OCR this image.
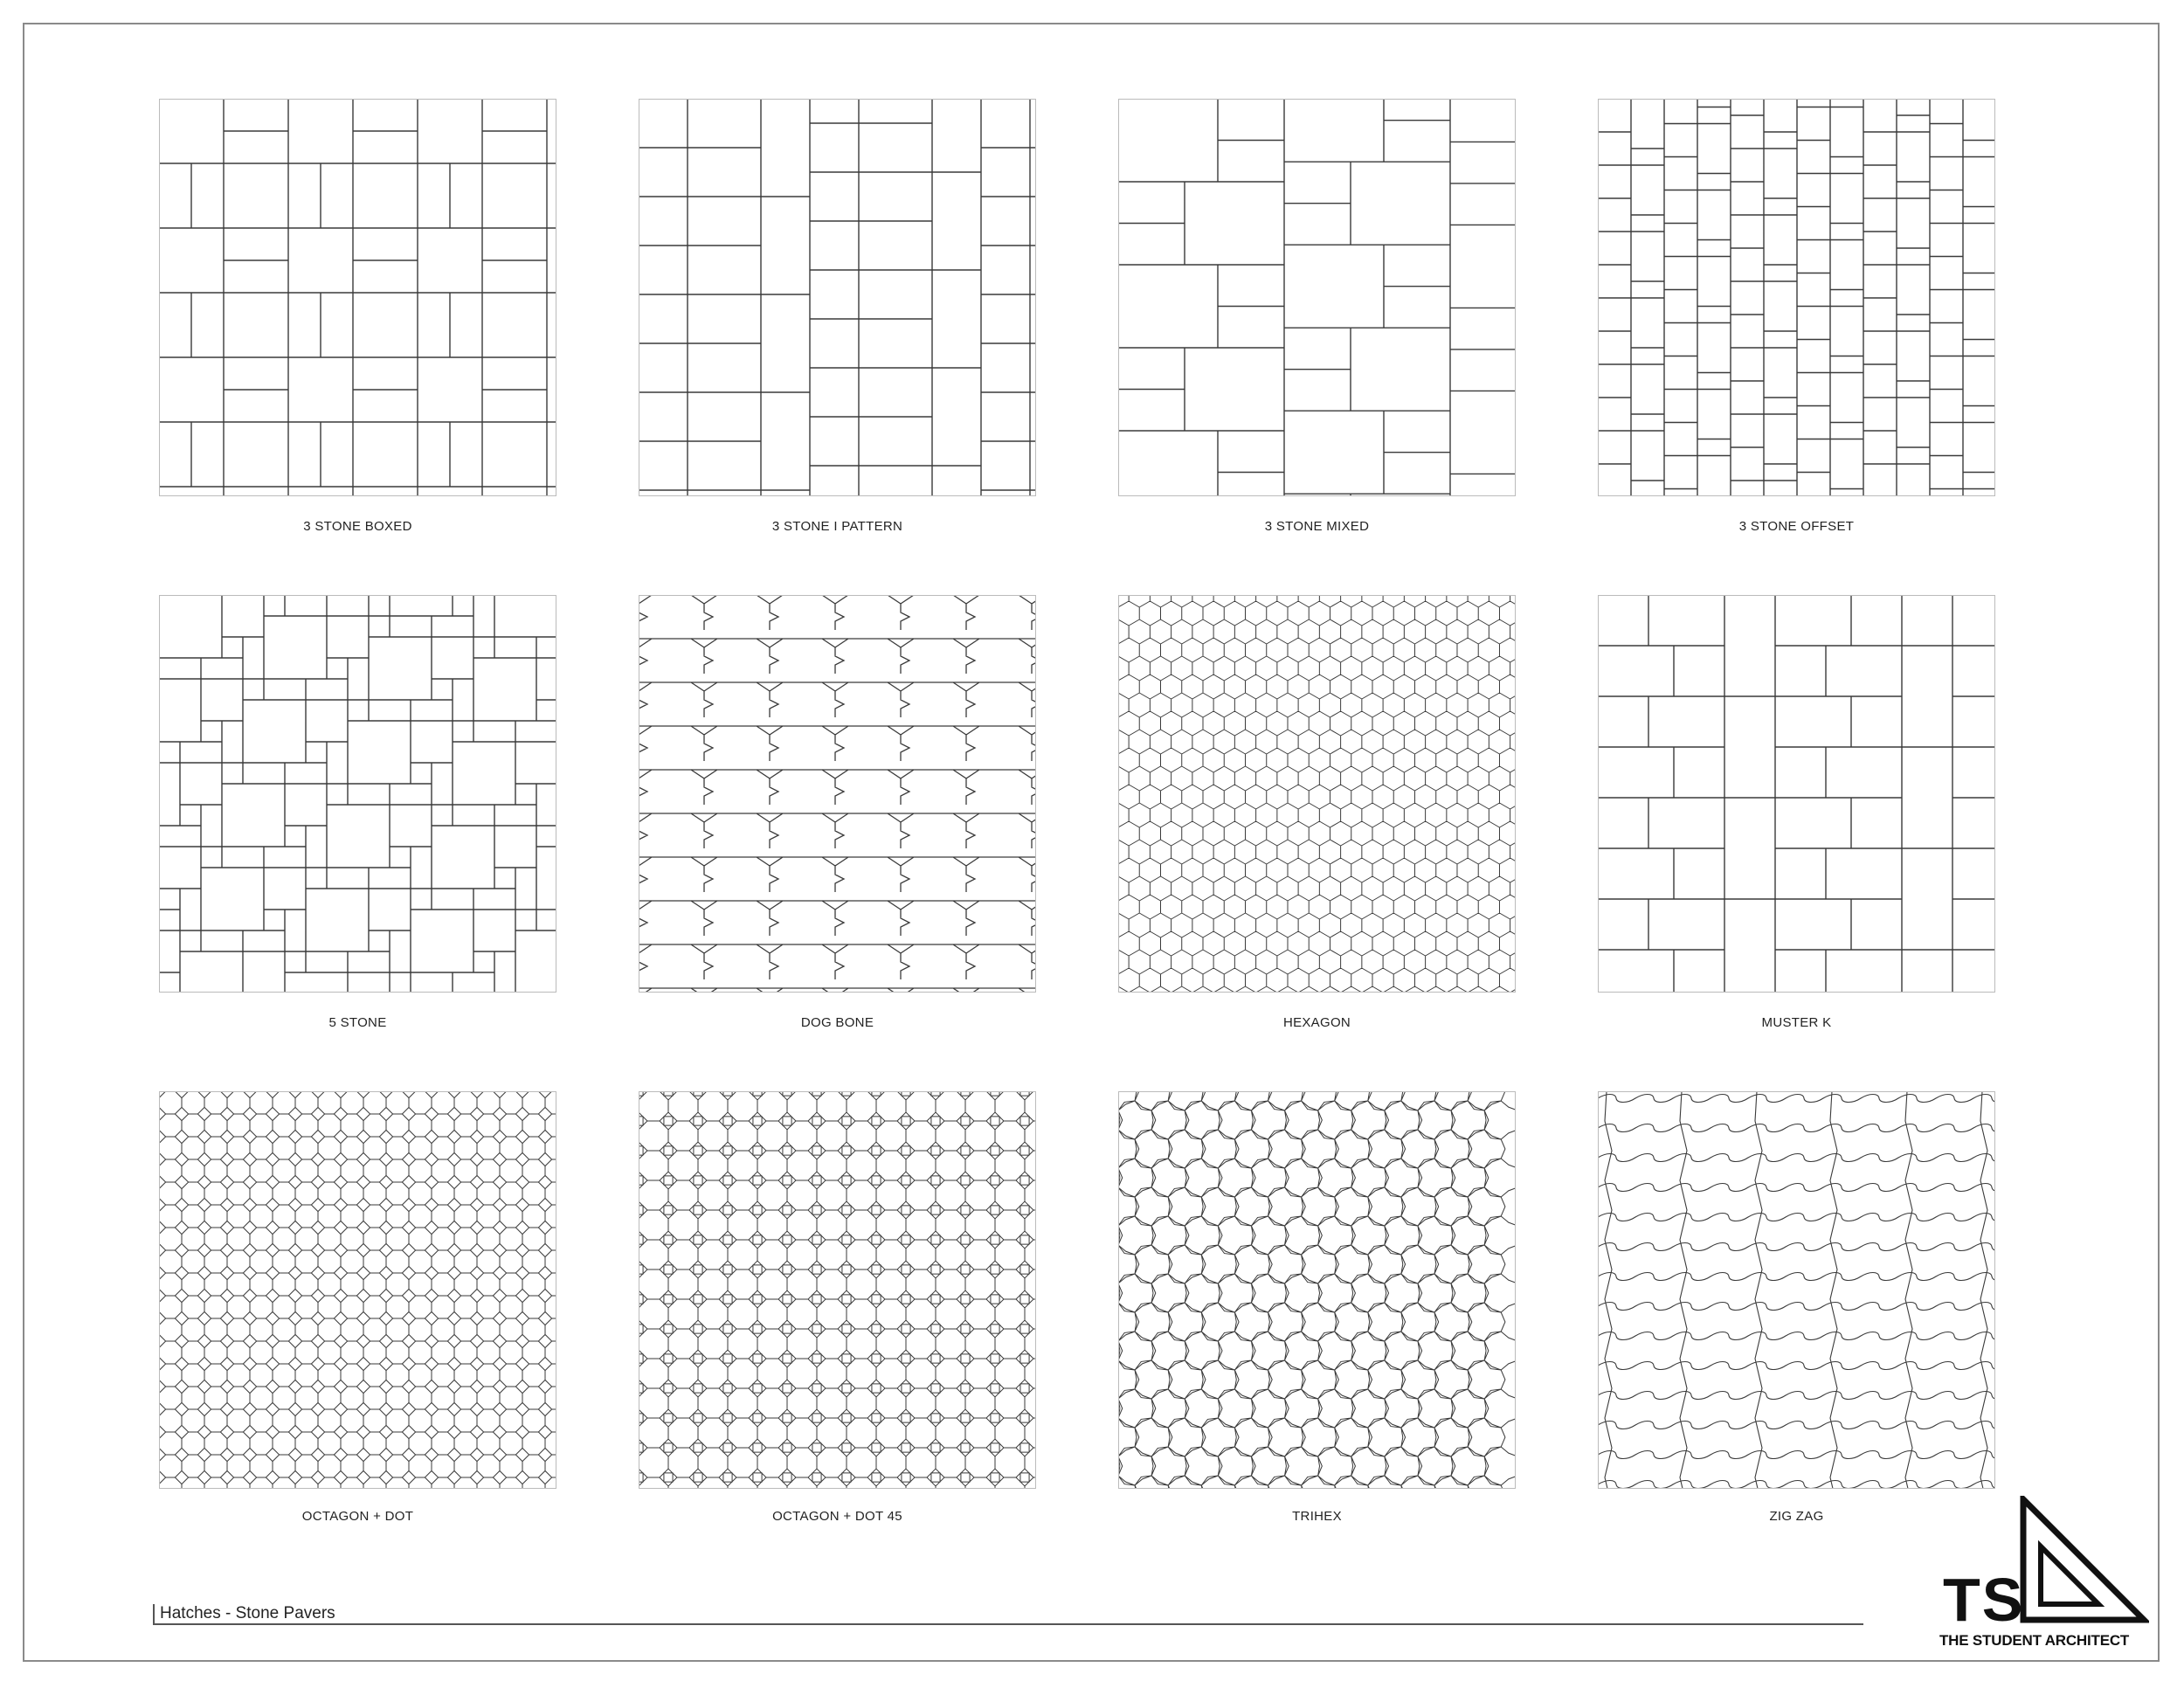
3 STONE BOXED	3 STONE I PATTERN	3 STONE MIXED	3 STONE OFFSET
5 STONE	DOG BONE	HEXAGON	MUSTER K
OCTAGON + DOT	OCTAGON + DOT 45	TRIHEX	ZIG ZAG
Hatches - Stone Pavers	TS
THE STUDENT ARCHITECT
